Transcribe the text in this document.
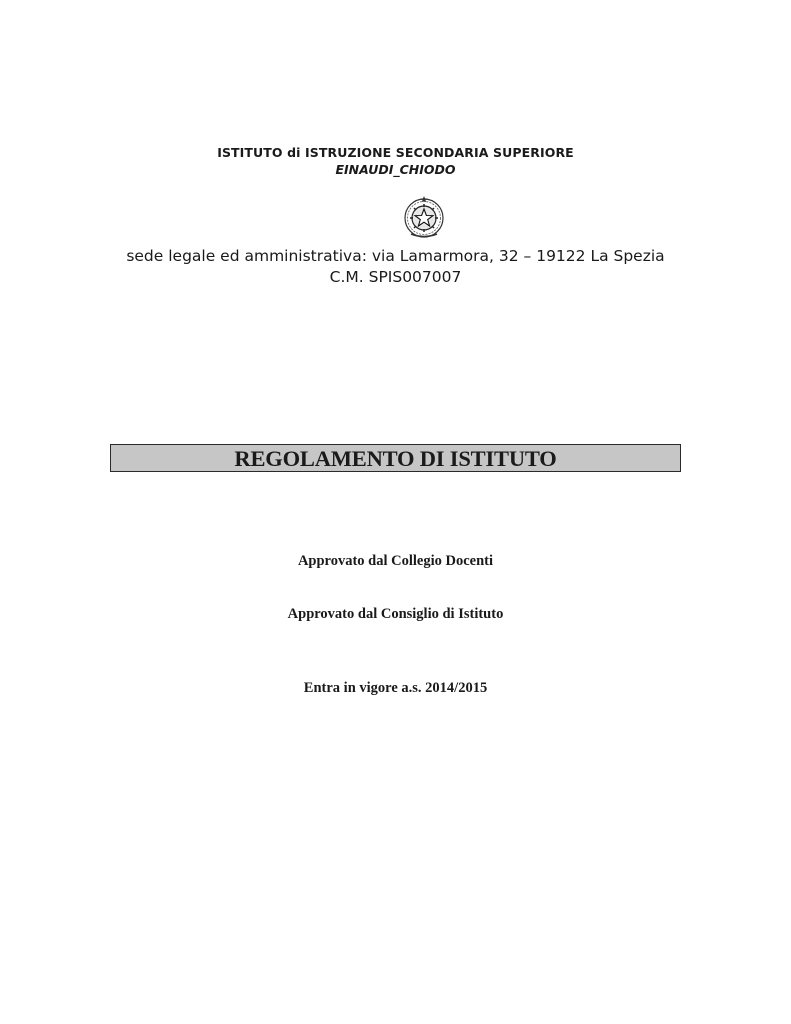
ISTITUTO di ISTRUZIONE SECONDARIA SUPERIORE
EINAUDI_CHIODO
sede legale ed amministrativa: via Lamarmora, 32 – 19122 La Spezia
C.M. SPIS007007
REGOLAMENTO DI ISTITUTO
Approvato dal Collegio Docenti
Approvato dal Consiglio di Istituto
Entra in vigore a.s. 2014/2015
